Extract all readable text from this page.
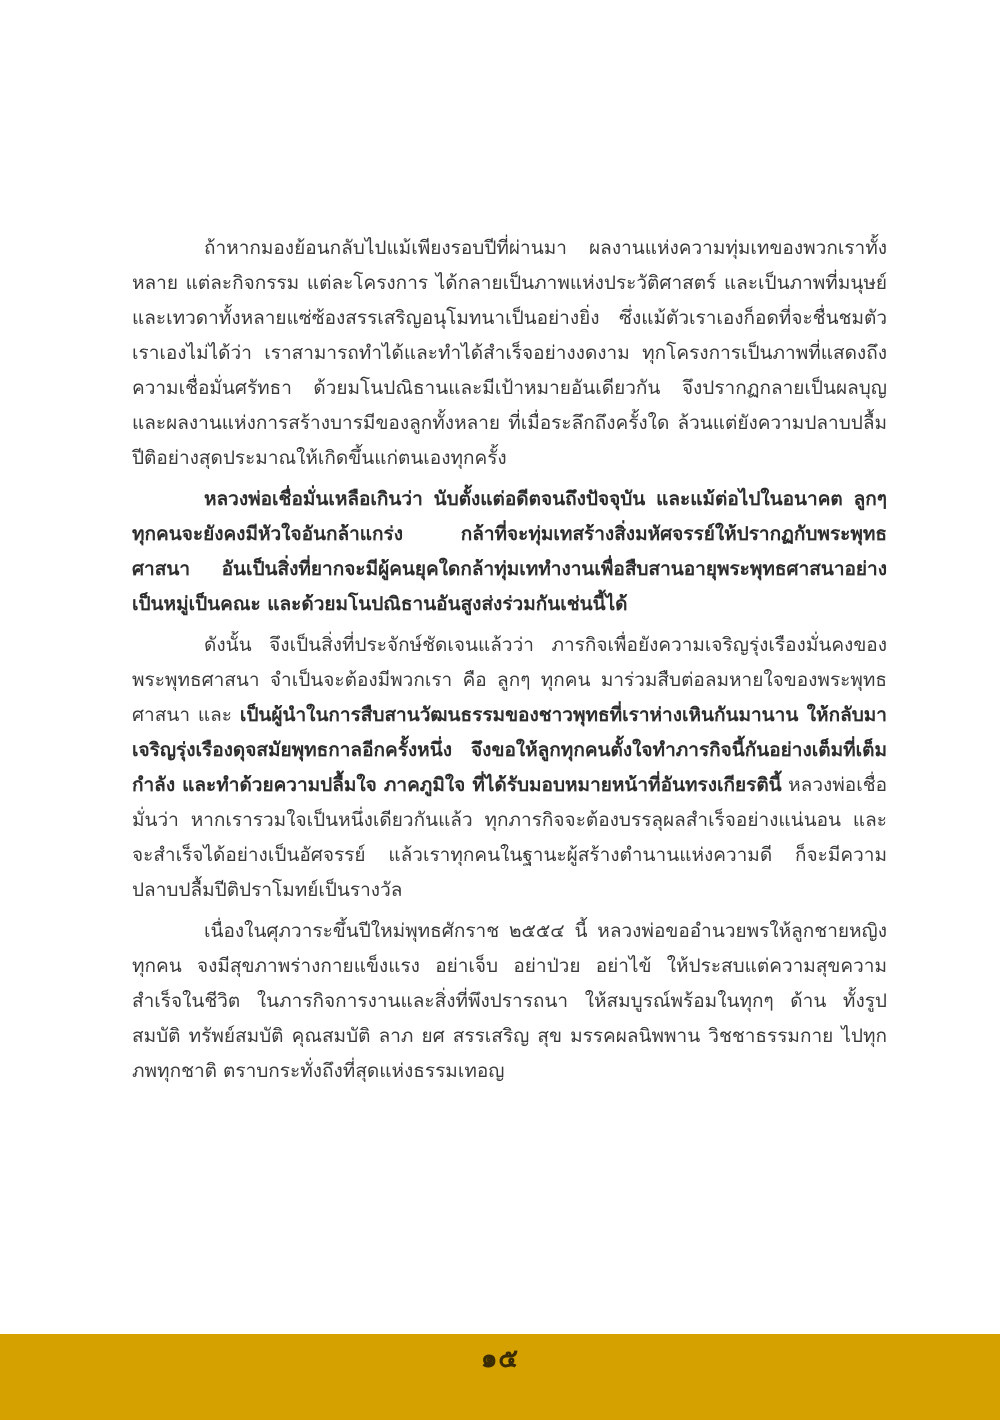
ถ้าหากมองย้อนกลับไปแม้เพียงรอบปีที่ผ่านมา ผลงานแห่งความทุ่มเทของพวกเราทั้งหลาย แต่ละกิจกรรม แต่ละโครงการ ได้กลายเป็นภาพแห่งประวัติศาสตร์ และเป็นภาพที่มนุษย์และเทวดาทั้งหลายแซ่ซ้องสรรเสริญอนุโมทนาเป็นอย่างยิ่ง ซึ่งแม้ตัวเราเองก็อดที่จะชื่นชมตัวเราเองไม่ได้ว่า เราสามารถทำได้และทำได้สำเร็จอย่างงดงาม ทุกโครงการเป็นภาพที่แสดงถึงความเชื่อมั่นศรัทธา ด้วยมโนปณิธานและมีเป้าหมายอันเดียวกัน จึงปรากฏกลายเป็นผลบุญและผลงานแห่งการสร้างบารมีของลูกทั้งหลาย ที่เมื่อระลึกถึงครั้งใด ล้วนแต่ยังความปลาบปลื้มปีติอย่างสุดประมาณให้เกิดขึ้นแก่ตนเองทุกครั้ง

หลวงพ่อเชื่อมั่นเหลือเกินว่า นับตั้งแต่อดีตจนถึงปัจจุบัน และแม้ต่อไปในอนาคต ลูกๆ ทุกคนจะยังคงมีหัวใจอันกล้าแกร่ง กล้าที่จะทุ่มเทสร้างสิ่งมหัศจรรย์ให้ปรากฏกับพระพุทธศาสนา อันเป็นสิ่งที่ยากจะมีผู้คนยุคใดกล้าทุ่มเททำงานเพื่อสืบสานอายุพระพุทธศาสนาอย่างเป็นหมู่เป็นคณะ และด้วยมโนปณิธานอันสูงส่งร่วมกันเช่นนี้ได้

ดังนั้น จึงเป็นสิ่งที่ประจักษ์ชัดเจนแล้วว่า ภารกิจเพื่อยังความเจริญรุ่งเรืองมั่นคงของพระพุทธศาสนา จำเป็นจะต้องมีพวกเรา คือ ลูกๆ ทุกคน มาร่วมสืบต่อลมหายใจของพระพุทธศาสนา และ เป็นผู้นำในการสืบสานวัฒนธรรมของชาวพุทธที่เราห่างเหินกันมานาน ให้กลับมาเจริญรุ่งเรืองดุจสมัยพุทธกาลอีกครั้งหนึ่ง จึงขอให้ลูกทุกคนตั้งใจทำภารกิจนี้กันอย่างเต็มที่เต็มกำลัง และทำด้วยความปลื้มใจ ภาคภูมิใจ ที่ได้รับมอบหมายหน้าที่อันทรงเกียรตินี้ หลวงพ่อเชื่อมั่นว่า หากเรารวมใจเป็นหนึ่งเดียวกันแล้ว ทุกภารกิจจะต้องบรรลุผลสำเร็จอย่างแน่นอน และจะสำเร็จได้อย่างเป็นอัศจรรย์ แล้วเราทุกคนในฐานะผู้สร้างตำนานแห่งความดี ก็จะมีความปลาบปลื้มปีติปราโมทย์เป็นรางวัล

เนื่องในศุภวาระขึ้นปีใหม่พุทธศักราช ๒๕๕๔ นี้ หลวงพ่อขออำนวยพรให้ลูกชายหญิงทุกคน จงมีสุขภาพร่างกายแข็งแรง อย่าเจ็บ อย่าป่วย อย่าไข้ ให้ประสบแต่ความสุขความสำเร็จในชีวิต ในภารกิจการงานและสิ่งที่พึงปรารถนา ให้สมบูรณ์พร้อมในทุกๆ ด้าน ทั้งรูปสมบัติ ทรัพย์สมบัติ คุณสมบัติ ลาภ ยศ สรรเสริญ สุข มรรคผลนิพพาน วิชชาธรรมกาย ไปทุกภพทุกชาติ ตราบกระทั่งถึงที่สุดแห่งธรรมเทอญ

๑๕
